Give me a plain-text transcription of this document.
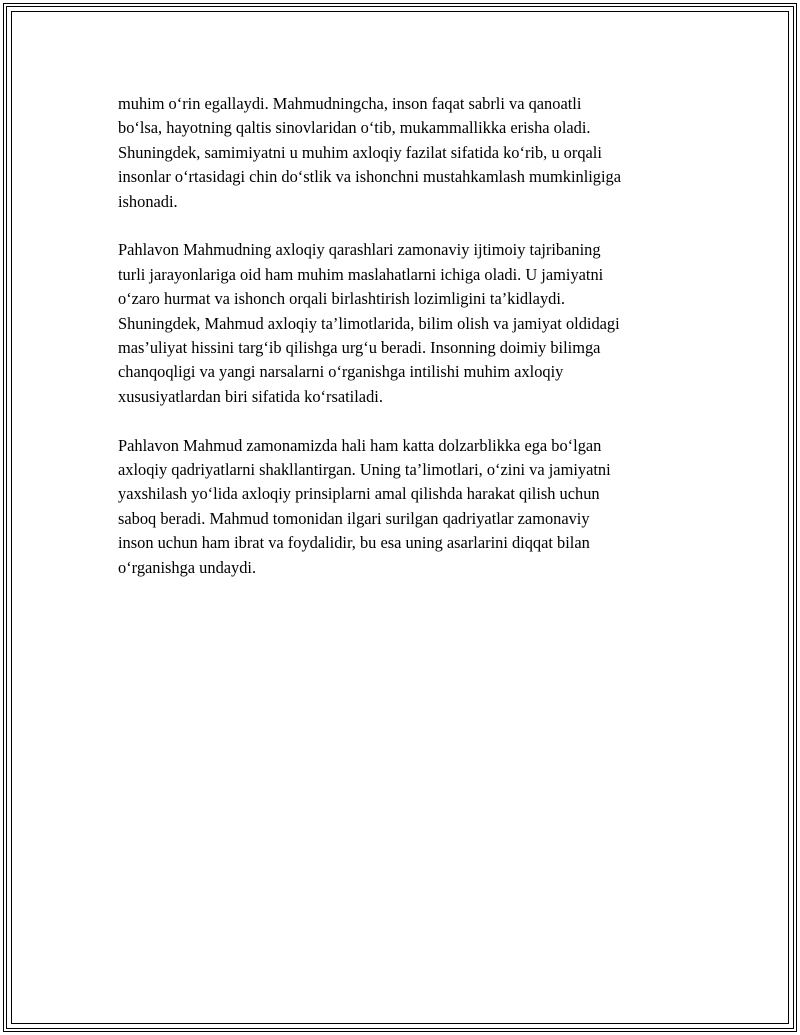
muhim o‘rin egallaydi. Mahmudningcha, inson faqat sabrli va qanoatli
bo‘lsa, hayotning qaltis sinovlaridan o‘tib, mukammallikka erisha oladi.
Shuningdek, samimiyatni u muhim axloqiy fazilat sifatida ko‘rib, u orqali
insonlar o‘rtasidagi chin do‘stlik va ishonchni mustahkamlash mumkinligiga
ishonadi.

Pahlavon Mahmudning axloqiy qarashlari zamonaviy ijtimoiy tajribaning
turli jarayonlariga oid ham muhim maslahatlarni ichiga oladi. U jamiyatni
o‘zaro hurmat va ishonch orqali birlashtirish lozimligini ta’kidlaydi.
Shuningdek, Mahmud axloqiy ta’limotlarida, bilim olish va jamiyat oldidagi
mas’uliyat hissini targ‘ib qilishga urg‘u beradi. Insonning doimiy bilimga
chanqoqligi va yangi narsalarni o‘rganishga intilishi muhim axloqiy
xususiyatlardan biri sifatida ko‘rsatiladi.

Pahlavon Mahmud zamonamizda hali ham katta dolzarblikka ega bo‘lgan
axloqiy qadriyatlarni shakllantirgan. Uning ta’limotlari, o‘zini va jamiyatni
yaxshilash yo‘lida axloqiy prinsiplarni amal qilishda harakat qilish uchun
saboq beradi. Mahmud tomonidan ilgari surilgan qadriyatlar zamonaviy
inson uchun ham ibrat va foydalidir, bu esa uning asarlarini diqqat bilan
o‘rganishga undaydi.
